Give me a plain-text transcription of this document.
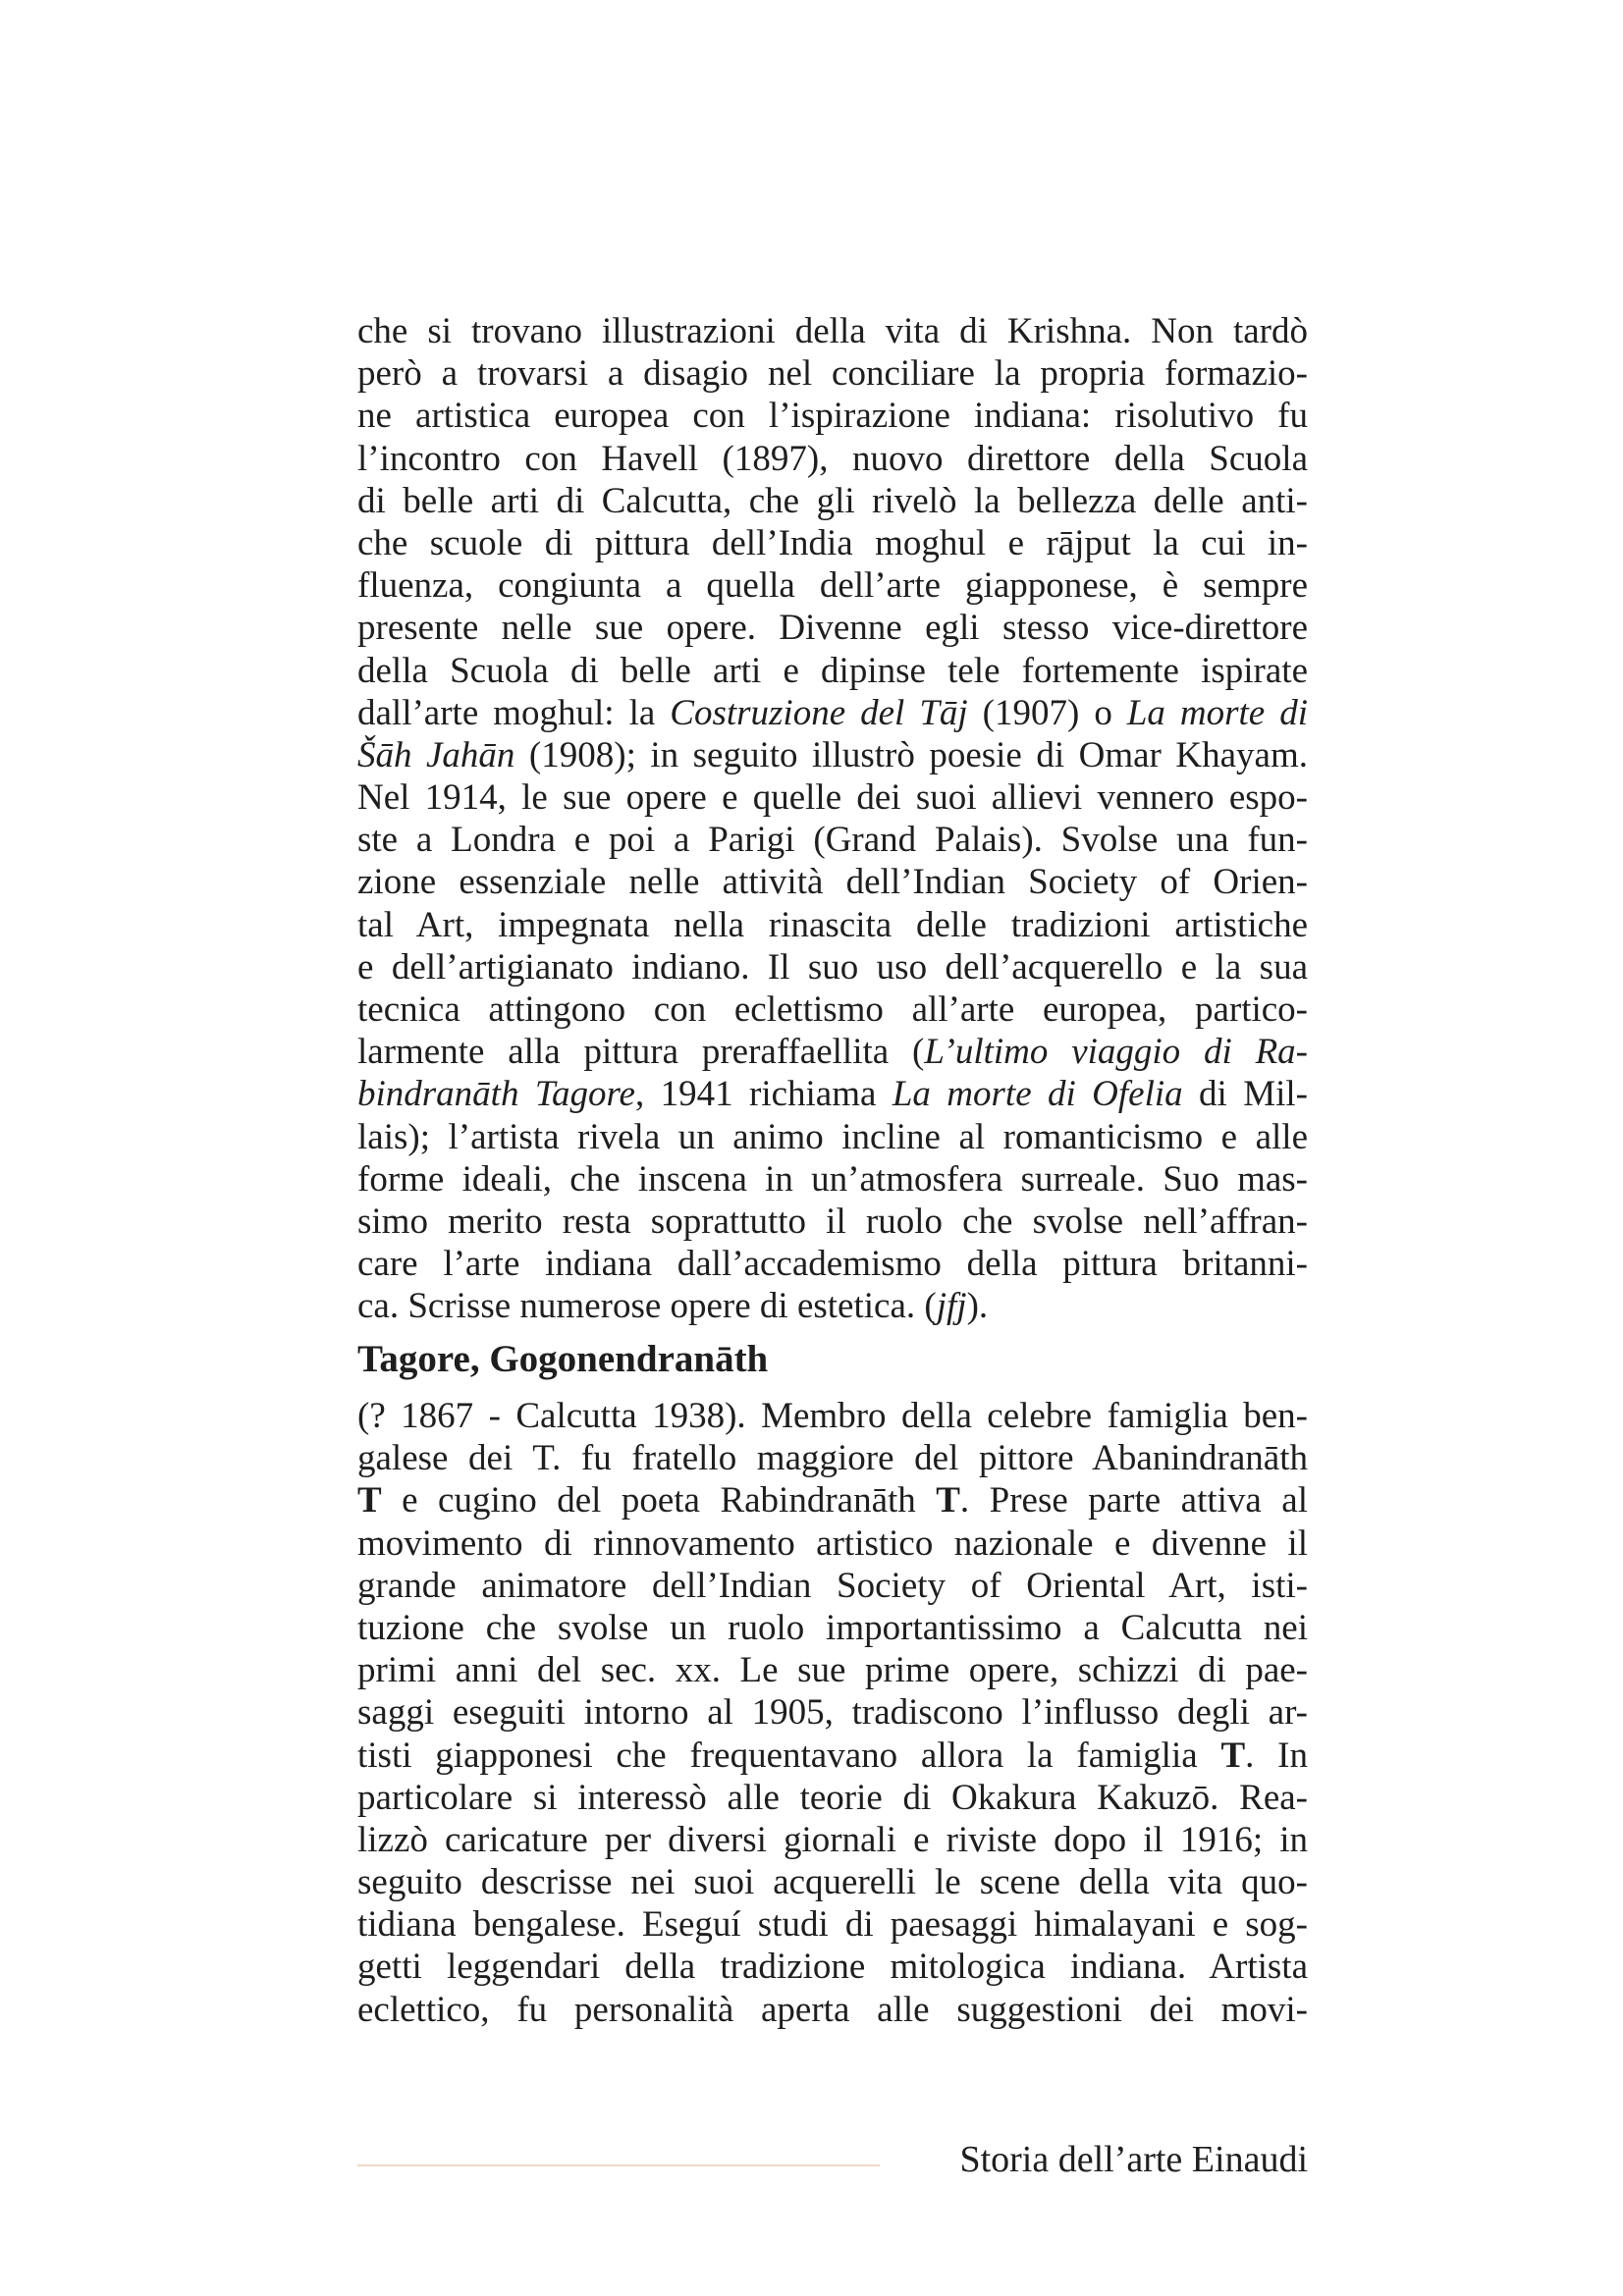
che si trovano illustrazioni della vita di Krishna. Non tardò
però a trovarsi a disagio nel conciliare la propria formazio-
ne artistica europea con l’ispirazione indiana: risolutivo fu
l’incontro con Havell (1897), nuovo direttore della Scuola
di belle arti di Calcutta, che gli rivelò la bellezza delle anti-
che scuole di pittura dell’India moghul e rājput la cui in-
fluenza, congiunta a quella dell’arte giapponese, è sempre
presente nelle sue opere. Divenne egli stesso vice-direttore
della Scuola di belle arti e dipinse tele fortemente ispirate
dall’arte moghul: la Costruzione del Tāj (1907) o La morte di
Šāh Jahān (1908); in seguito illustrò poesie di Omar Khayam.
Nel 1914, le sue opere e quelle dei suoi allievi vennero espo-
ste a Londra e poi a Parigi (Grand Palais). Svolse una fun-
zione essenziale nelle attività dell’Indian Society of Orien-
tal Art, impegnata nella rinascita delle tradizioni artistiche
e dell’artigianato indiano. Il suo uso dell’acquerello e la sua
tecnica attingono con eclettismo all’arte europea, partico-
larmente alla pittura preraffaellita (L’ultimo viaggio di Ra-
bindranāth Tagore, 1941 richiama La morte di Ofelia di Mil-
lais); l’artista rivela un animo incline al romanticismo e alle
forme ideali, che inscena in un’atmosfera surreale. Suo mas-
simo merito resta soprattutto il ruolo che svolse nell’affran-
care l’arte indiana dall’accademismo della pittura britanni-
ca. Scrisse numerose opere di estetica. (jfj).
Tagore, Gogonendranāth
(? 1867 - Calcutta 1938). Membro della celebre famiglia ben-
galese dei T. fu fratello maggiore del pittore Abanindranāth
T e cugino del poeta Rabindranāth T. Prese parte attiva al
movimento di rinnovamento artistico nazionale e divenne il
grande animatore dell’Indian Society of Oriental Art, isti-
tuzione che svolse un ruolo importantissimo a Calcutta nei
primi anni del sec. xx. Le sue prime opere, schizzi di pae-
saggi eseguiti intorno al 1905, tradiscono l’influsso degli ar-
tisti giapponesi che frequentavano allora la famiglia T. In
particolare si interessò alle teorie di Okakura Kakuzō. Rea-
lizzò caricature per diversi giornali e riviste dopo il 1916; in
seguito descrisse nei suoi acquerelli le scene della vita quo-
tidiana bengalese. Eseguí studi di paesaggi himalayani e sog-
getti leggendari della tradizione mitologica indiana. Artista
eclettico, fu personalità aperta alle suggestioni dei movi-
Storia dell’arte Einaudi
